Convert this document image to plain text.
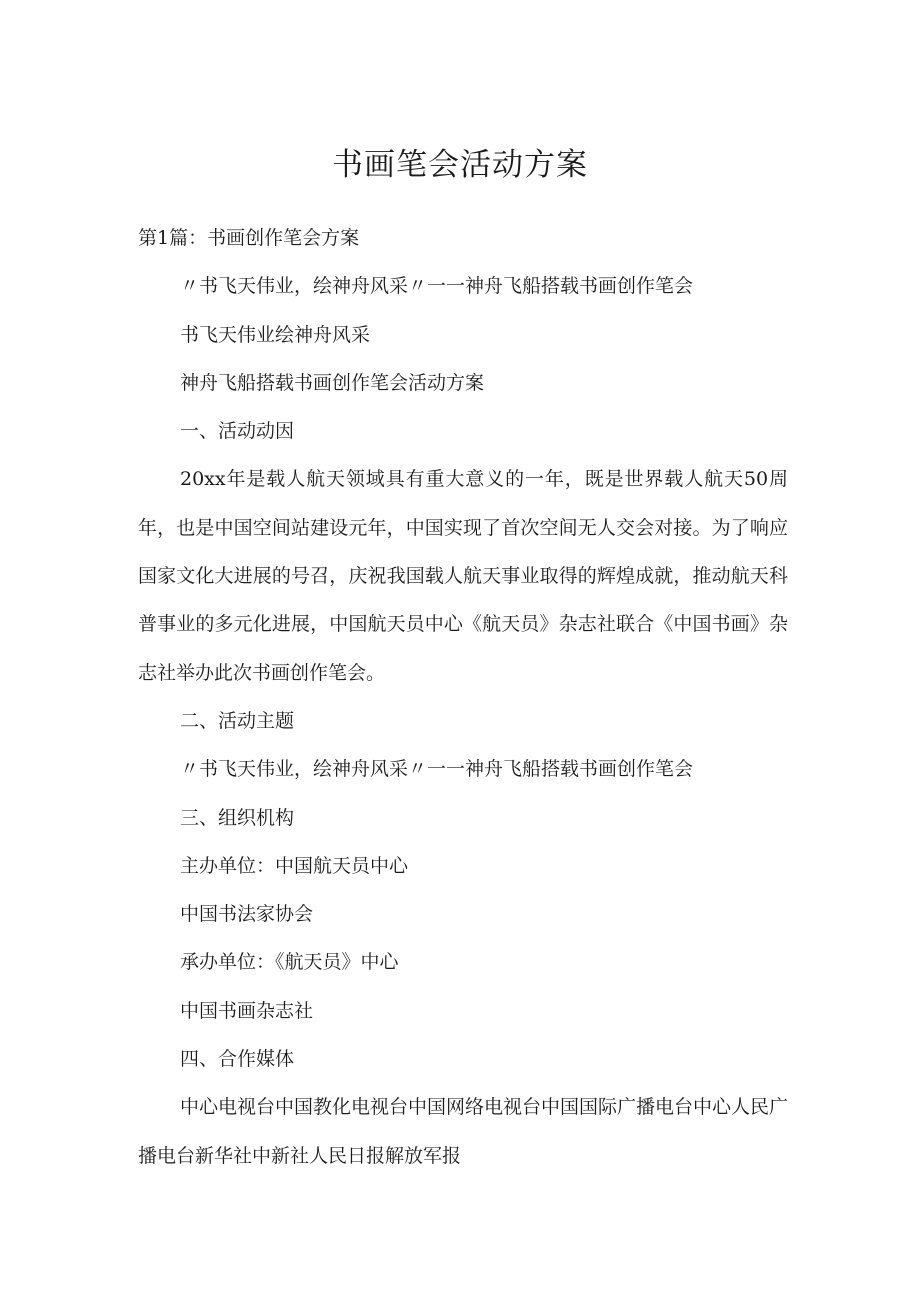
书画笔会活动方案

第1篇：书画创作笔会方案

〃书飞天伟业，绘神舟风采〃一一神舟飞船搭载书画创作笔会

书飞天伟业绘神舟风采

神舟飞船搭载书画创作笔会活动方案

一、活动动因

20xx年是载人航天领域具有重大意义的一年，既是世界载人航天50周年，也是中国空间站建设元年，中国实现了首次空间无人交会对接。为了响应国家文化大进展的号召，庆祝我国载人航天事业取得的辉煌成就，推动航天科普事业的多元化进展，中国航天员中心《航天员》杂志社联合《中国书画》杂志社举办此次书画创作笔会。

二、活动主题

〃书飞天伟业，绘神舟风采〃一一神舟飞船搭载书画创作笔会

三、组织机构

主办单位：中国航天员中心

中国书法家协会

承办单位：《航天员》中心

中国书画杂志社

四、合作媒体

中心电视台中国教化电视台中国网络电视台中国国际广播电台中心人民广播电台新华社中新社人民日报解放军报
